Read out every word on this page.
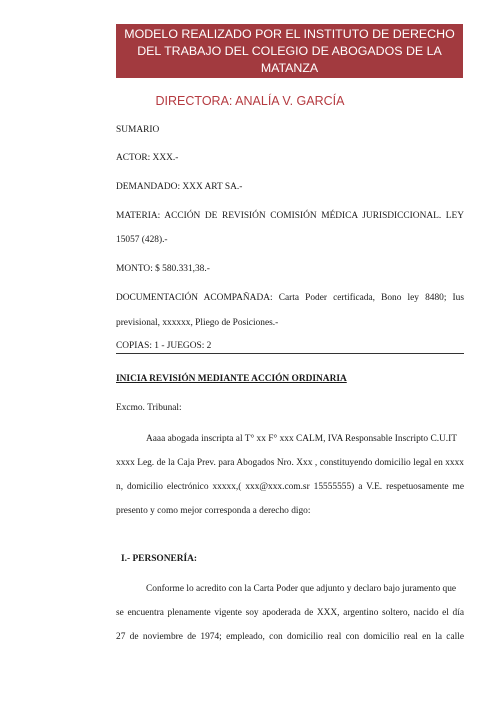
MODELO REALIZADO POR EL INSTITUTO DE DERECHO
DEL TRABAJO DEL COLEGIO DE ABOGADOS DE LA
MATANZA
DIRECTORA: ANALÍA V. GARCÍA
SUMARIO
ACTOR: XXX.-
DEMANDADO: XXX ART SA.-
MATERIA: ACCIÓN DE REVISIÓN COMISIÓN MÉDICA JURISDICCIONAL. LEY
15057 (428).-
MONTO: $ 580.331,38.-
DOCUMENTACIÓN ACOMPAÑADA: Carta Poder certificada, Bono ley 8480; Ius
previsional, xxxxxx, Pliego de Posiciones.-
COPIAS: 1 - JUEGOS: 2
INICIA REVISIÓN MEDIANTE ACCIÓN ORDINARIA
Excmo. Tribunal:
Aaaa abogada inscripta al T° xx F° xxx CALM, IVA Responsable Inscripto C.U.IT
xxxx Leg. de la Caja Prev. para Abogados Nro. Xxx , constituyendo domicilio legal en xxxx
n, domicilio electrónico xxxxx,( xxx@xxx.com.sr 15555555) a V.E. respetuosamente me
presento y como mejor corresponda a derecho digo:
I.- PERSONERÍA:
Conforme lo acredito con la Carta Poder que adjunto y declaro bajo juramento que
se encuentra plenamente vigente soy apoderada de XXX, argentino soltero, nacido el día
27 de noviembre de 1974; empleado, con domicilio real con domicilio real en la calle
